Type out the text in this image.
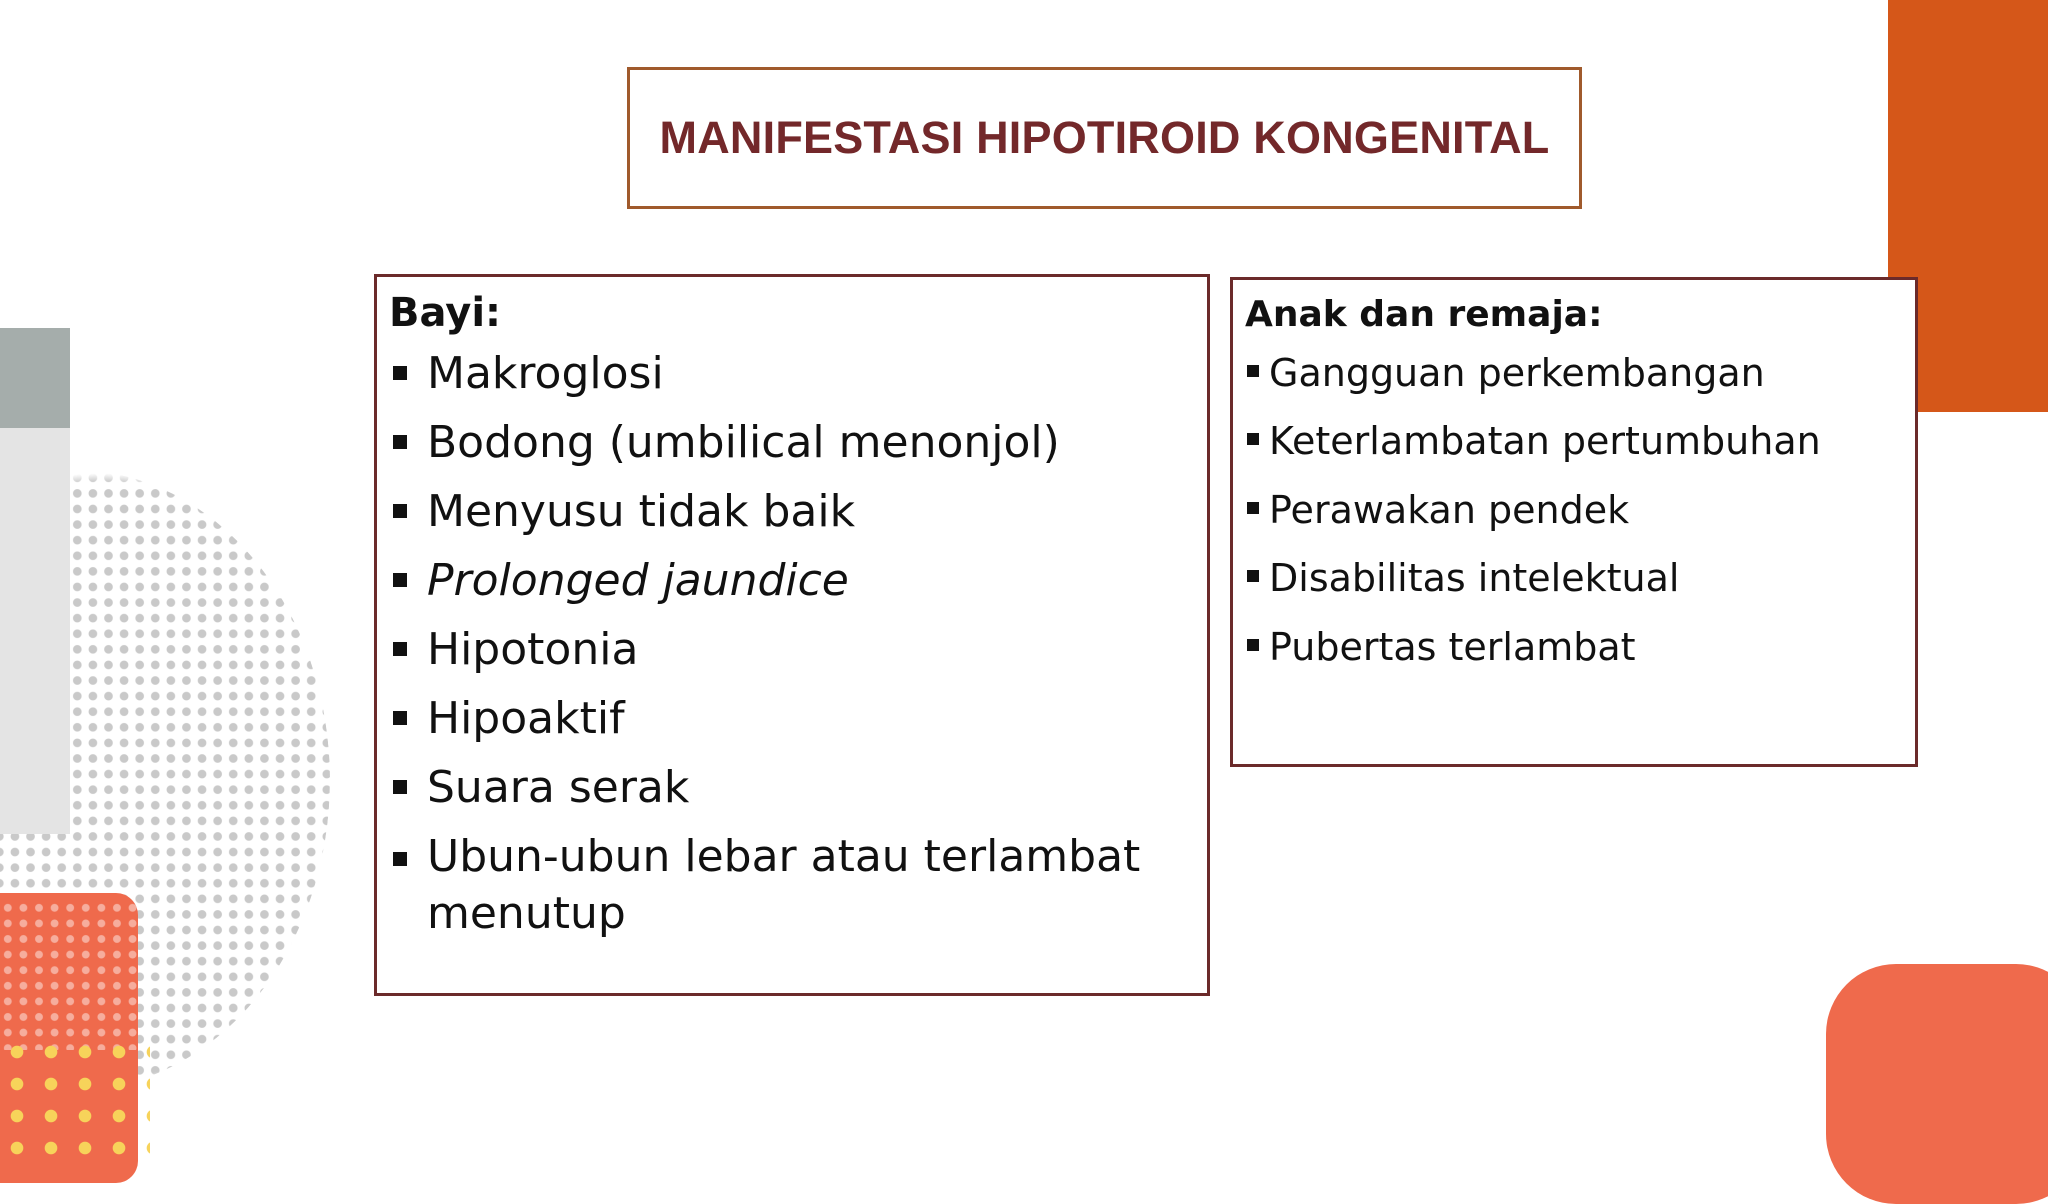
MANIFESTASI HIPOTIROID KONGENITAL

Bayi:

Makroglosi
Bodong (umbilical menonjol)
Menyusu tidak baik
Prolonged jaundice
Hipotonia
Hipoaktif
Suara serak
Ubun-ubun lebar atau terlambat menutup

Anak dan remaja:

Gangguan perkembangan
Keterlambatan pertumbuhan
Perawakan pendek
Disabilitas intelektual
Pubertas terlambat
